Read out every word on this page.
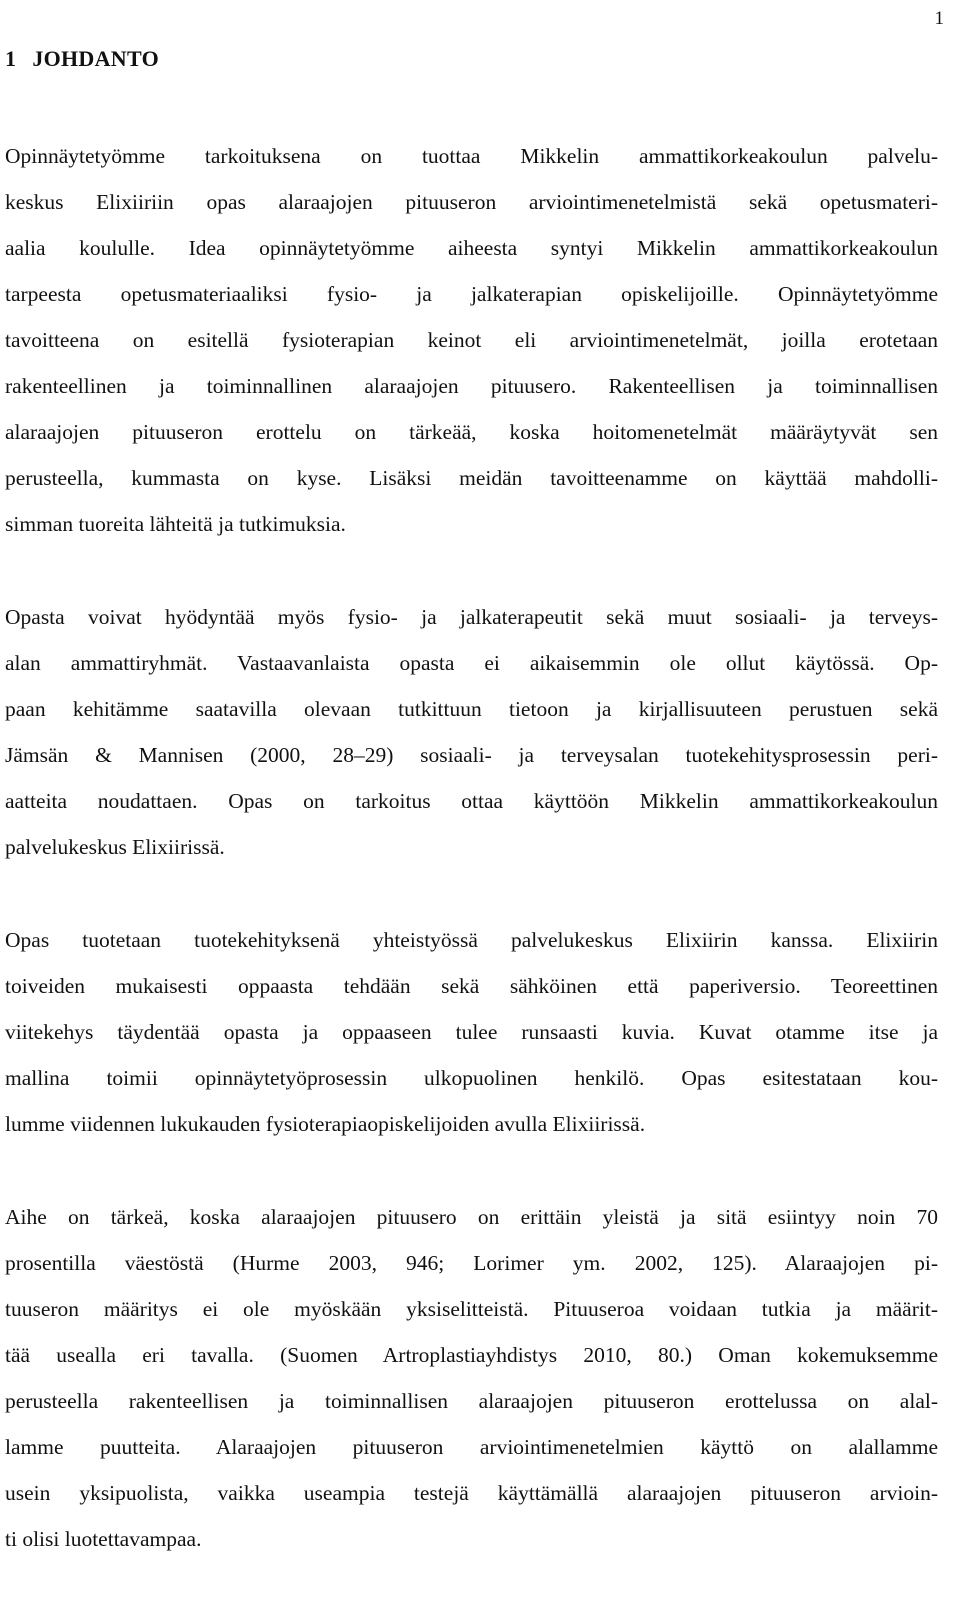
1
1 JOHDANTO

Opinnäytetyömme tarkoituksena on tuottaa Mikkelin ammattikorkeakoulun palvelu-
keskus Elixiiriin opas alaraajojen pituuseron arviointimenetelmistä sekä opetusmateri-
aalia koululle. Idea opinnäytetyömme aiheesta syntyi Mikkelin ammattikorkeakoulun
tarpeesta opetusmateriaaliksi fysio- ja jalkaterapian opiskelijoille. Opinnäytetyömme
tavoitteena on esitellä fysioterapian keinot eli arviointimenetelmät, joilla erotetaan
rakenteellinen ja toiminnallinen alaraajojen pituusero. Rakenteellisen ja toiminnallisen
alaraajojen pituuseron erottelu on tärkeää, koska hoitomenetelmät määräytyvät sen
perusteella, kummasta on kyse. Lisäksi meidän tavoitteenamme on käyttää mahdolli-
simman tuoreita lähteitä ja tutkimuksia.

Opasta voivat hyödyntää myös fysio- ja jalkaterapeutit sekä muut sosiaali- ja terveys-
alan ammattiryhmät. Vastaavanlaista opasta ei aikaisemmin ole ollut käytössä. Op-
paan kehitämme saatavilla olevaan tutkittuun tietoon ja kirjallisuuteen perustuen sekä
Jämsän & Mannisen (2000, 28–29) sosiaali- ja terveysalan tuotekehitysprosessin peri-
aatteita noudattaen. Opas on tarkoitus ottaa käyttöön Mikkelin ammattikorkeakoulun
palvelukeskus Elixiirissä.

Opas tuotetaan tuotekehityksenä yhteistyössä palvelukeskus Elixiirin kanssa. Elixiirin
toiveiden mukaisesti oppaasta tehdään sekä sähköinen että paperiversio. Teoreettinen
viitekehys täydentää opasta ja oppaaseen tulee runsaasti kuvia. Kuvat otamme itse ja
mallina toimii opinnäytetyöprosessin ulkopuolinen henkilö. Opas esitestataan kou-
lumme viidennen lukukauden fysioterapiaopiskelijoiden avulla Elixiirissä.

Aihe on tärkeä, koska alaraajojen pituusero on erittäin yleistä ja sitä esiintyy noin 70
prosentilla väestöstä (Hurme 2003, 946; Lorimer ym. 2002, 125). Alaraajojen pi-
tuuseron määritys ei ole myöskään yksiselitteistä. Pituuseroa voidaan tutkia ja määrit-
tää usealla eri tavalla. (Suomen Artroplastiayhdistys 2010, 80.) Oman kokemuksemme
perusteella rakenteellisen ja toiminnallisen alaraajojen pituuseron erottelussa on alal-
lamme puutteita. Alaraajojen pituuseron arviointimenetelmien käyttö on alallamme
usein yksipuolista, vaikka useampia testejä käyttämällä alaraajojen pituuseron arvioin-
ti olisi luotettavampaa.
